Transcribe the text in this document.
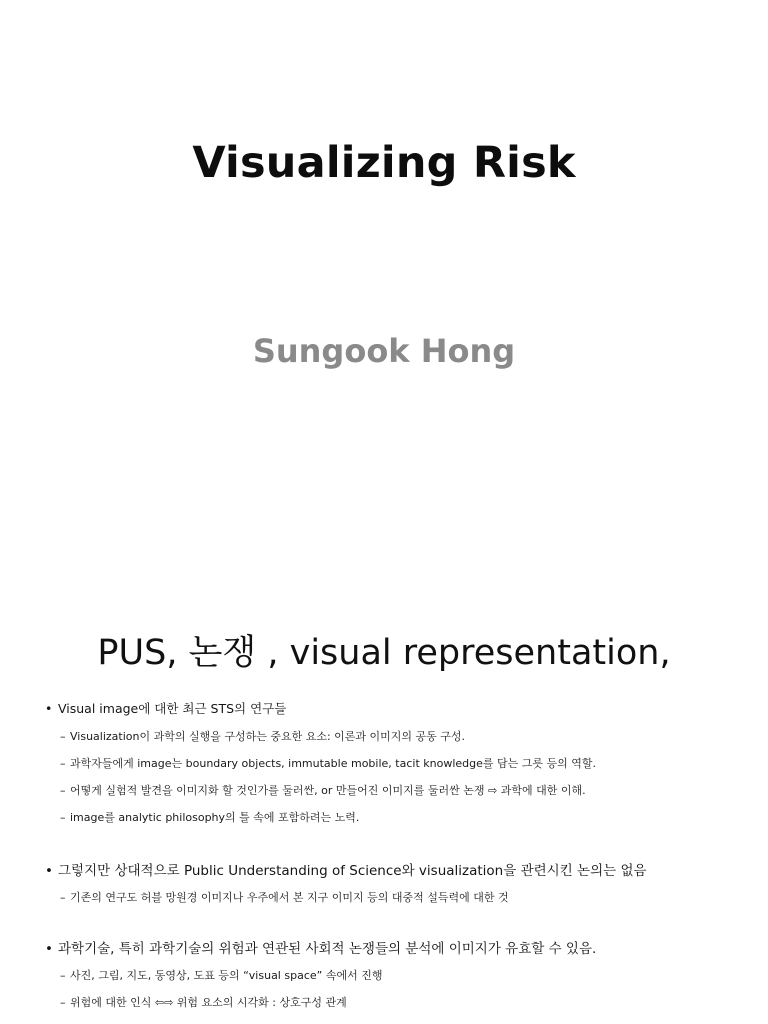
Visualizing Risk
Sungook Hong
PUS, 논쟁 , visual representation,
• Visual image에 대한 최근 STS의 연구들
– Visualization이 과학의 실행을 구성하는 중요한 요소: 이론과 이미지의 공동 구성.
– 과학자들에게 image는 boundary objects, immutable mobile, tacit knowledge를 담는 그릇 등의 역할.
– 어떻게 실험적 발견을 이미지화 할 것인가를 둘러싼, or 만들어진 이미지를 둘러싼 논쟁 ⇨ 과학에 대한 이해.
– image를 analytic philosophy의 틀 속에 포함하려는 노력.
• 그렇지만 상대적으로 Public Understanding of Science와 visualization을 관련시킨 논의는 없음
– 기존의 연구도 허블 망원경 이미지나 우주에서 본 지구 이미지 등의 대중적 설득력에 대한 것
• 과학기술, 특히 과학기술의 위험과 연관된 사회적 논쟁들의 분석에 이미지가 유효할 수 있음.
– 사진, 그림, 지도, 동영상, 도표 등의 “visual space” 속에서 진행
– 위험에 대한 인식 ⇦⇨ 위험 요소의 시각화 : 상호구성 관계
